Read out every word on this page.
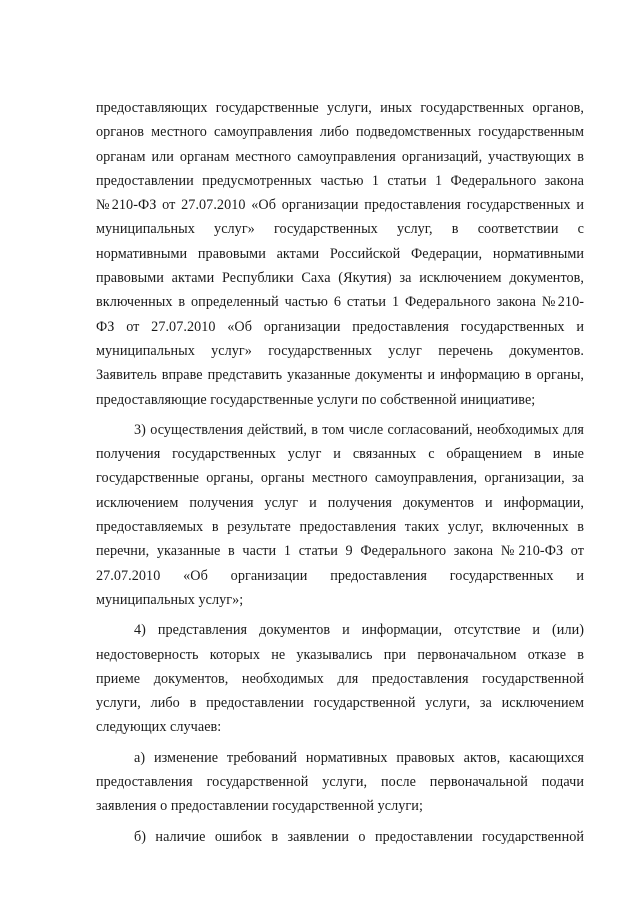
предоставляющих государственные услуги, иных государственных органов,
органов местного самоуправления либо подведомственных государственным
органам или органам местного самоуправления организаций, участвующих в
предоставлении предусмотренных частью 1 статьи 1 Федерального закона
№210-ФЗ от 27.07.2010 «Об организации предоставления государственных и
муниципальных услуг» государственных услуг, в соответствии с
нормативными правовыми актами Российской Федерации, нормативными
правовыми актами Республики Саха (Якутия) за исключением документов,
включенных в определенный частью 6 статьи 1 Федерального закона №210-
ФЗ от 27.07.2010 «Об организации предоставления государственных и
муниципальных услуг» государственных услуг перечень документов.
Заявитель вправе представить указанные документы и информацию в органы,
предоставляющие государственные услуги по собственной инициативе;
3) осуществления действий, в том числе согласований, необходимых для
получения государственных услуг и связанных с обращением в иные
государственные органы, органы местного самоуправления, организации, за
исключением получения услуг и получения документов и информации,
предоставляемых в результате предоставления таких услуг, включенных в
перечни, указанные в части 1 статьи 9 Федерального закона №210-ФЗ от
27.07.2010 «Об организации предоставления государственных и
муниципальных услуг»;
4) представления документов и информации, отсутствие и (или)
недостоверность которых не указывались при первоначальном отказе в
приеме документов, необходимых для предоставления государственной
услуги, либо в предоставлении государственной услуги, за исключением
следующих случаев:
а) изменение требований нормативных правовых актов, касающихся
предоставления государственной услуги, после первоначальной подачи
заявления о предоставлении государственной услуги;
б) наличие ошибок в заявлении о предоставлении государственной
